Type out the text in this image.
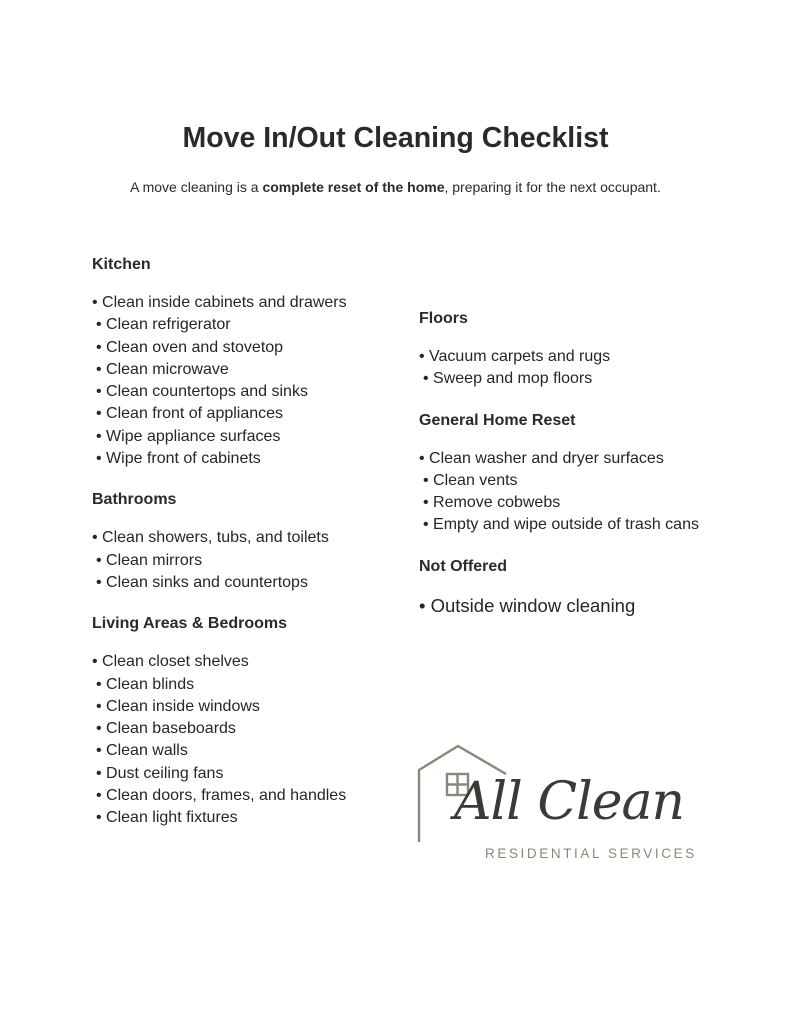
Move In/Out Cleaning Checklist
A move cleaning is a complete reset of the home, preparing it for the next occupant.
Kitchen
• Clean inside cabinets and drawers
• Clean refrigerator
• Clean oven and stovetop
• Clean microwave
• Clean countertops and sinks
• Clean front of appliances
• Wipe appliance surfaces
• Wipe front of cabinets
Bathrooms
• Clean showers, tubs, and toilets
• Clean mirrors
• Clean sinks and countertops
Living Areas & Bedrooms
• Clean closet shelves
• Clean blinds
• Clean inside windows
• Clean baseboards
• Clean walls
• Dust ceiling fans
• Clean doors, frames, and handles
• Clean light fixtures
Floors
• Vacuum carpets and rugs
• Sweep and mop floors
General Home Reset
• Clean washer and dryer surfaces
• Clean vents
• Remove cobwebs
• Empty and wipe outside of trash cans
Not Offered
• Outside window cleaning
All Clean
RESIDENTIAL SERVICES
